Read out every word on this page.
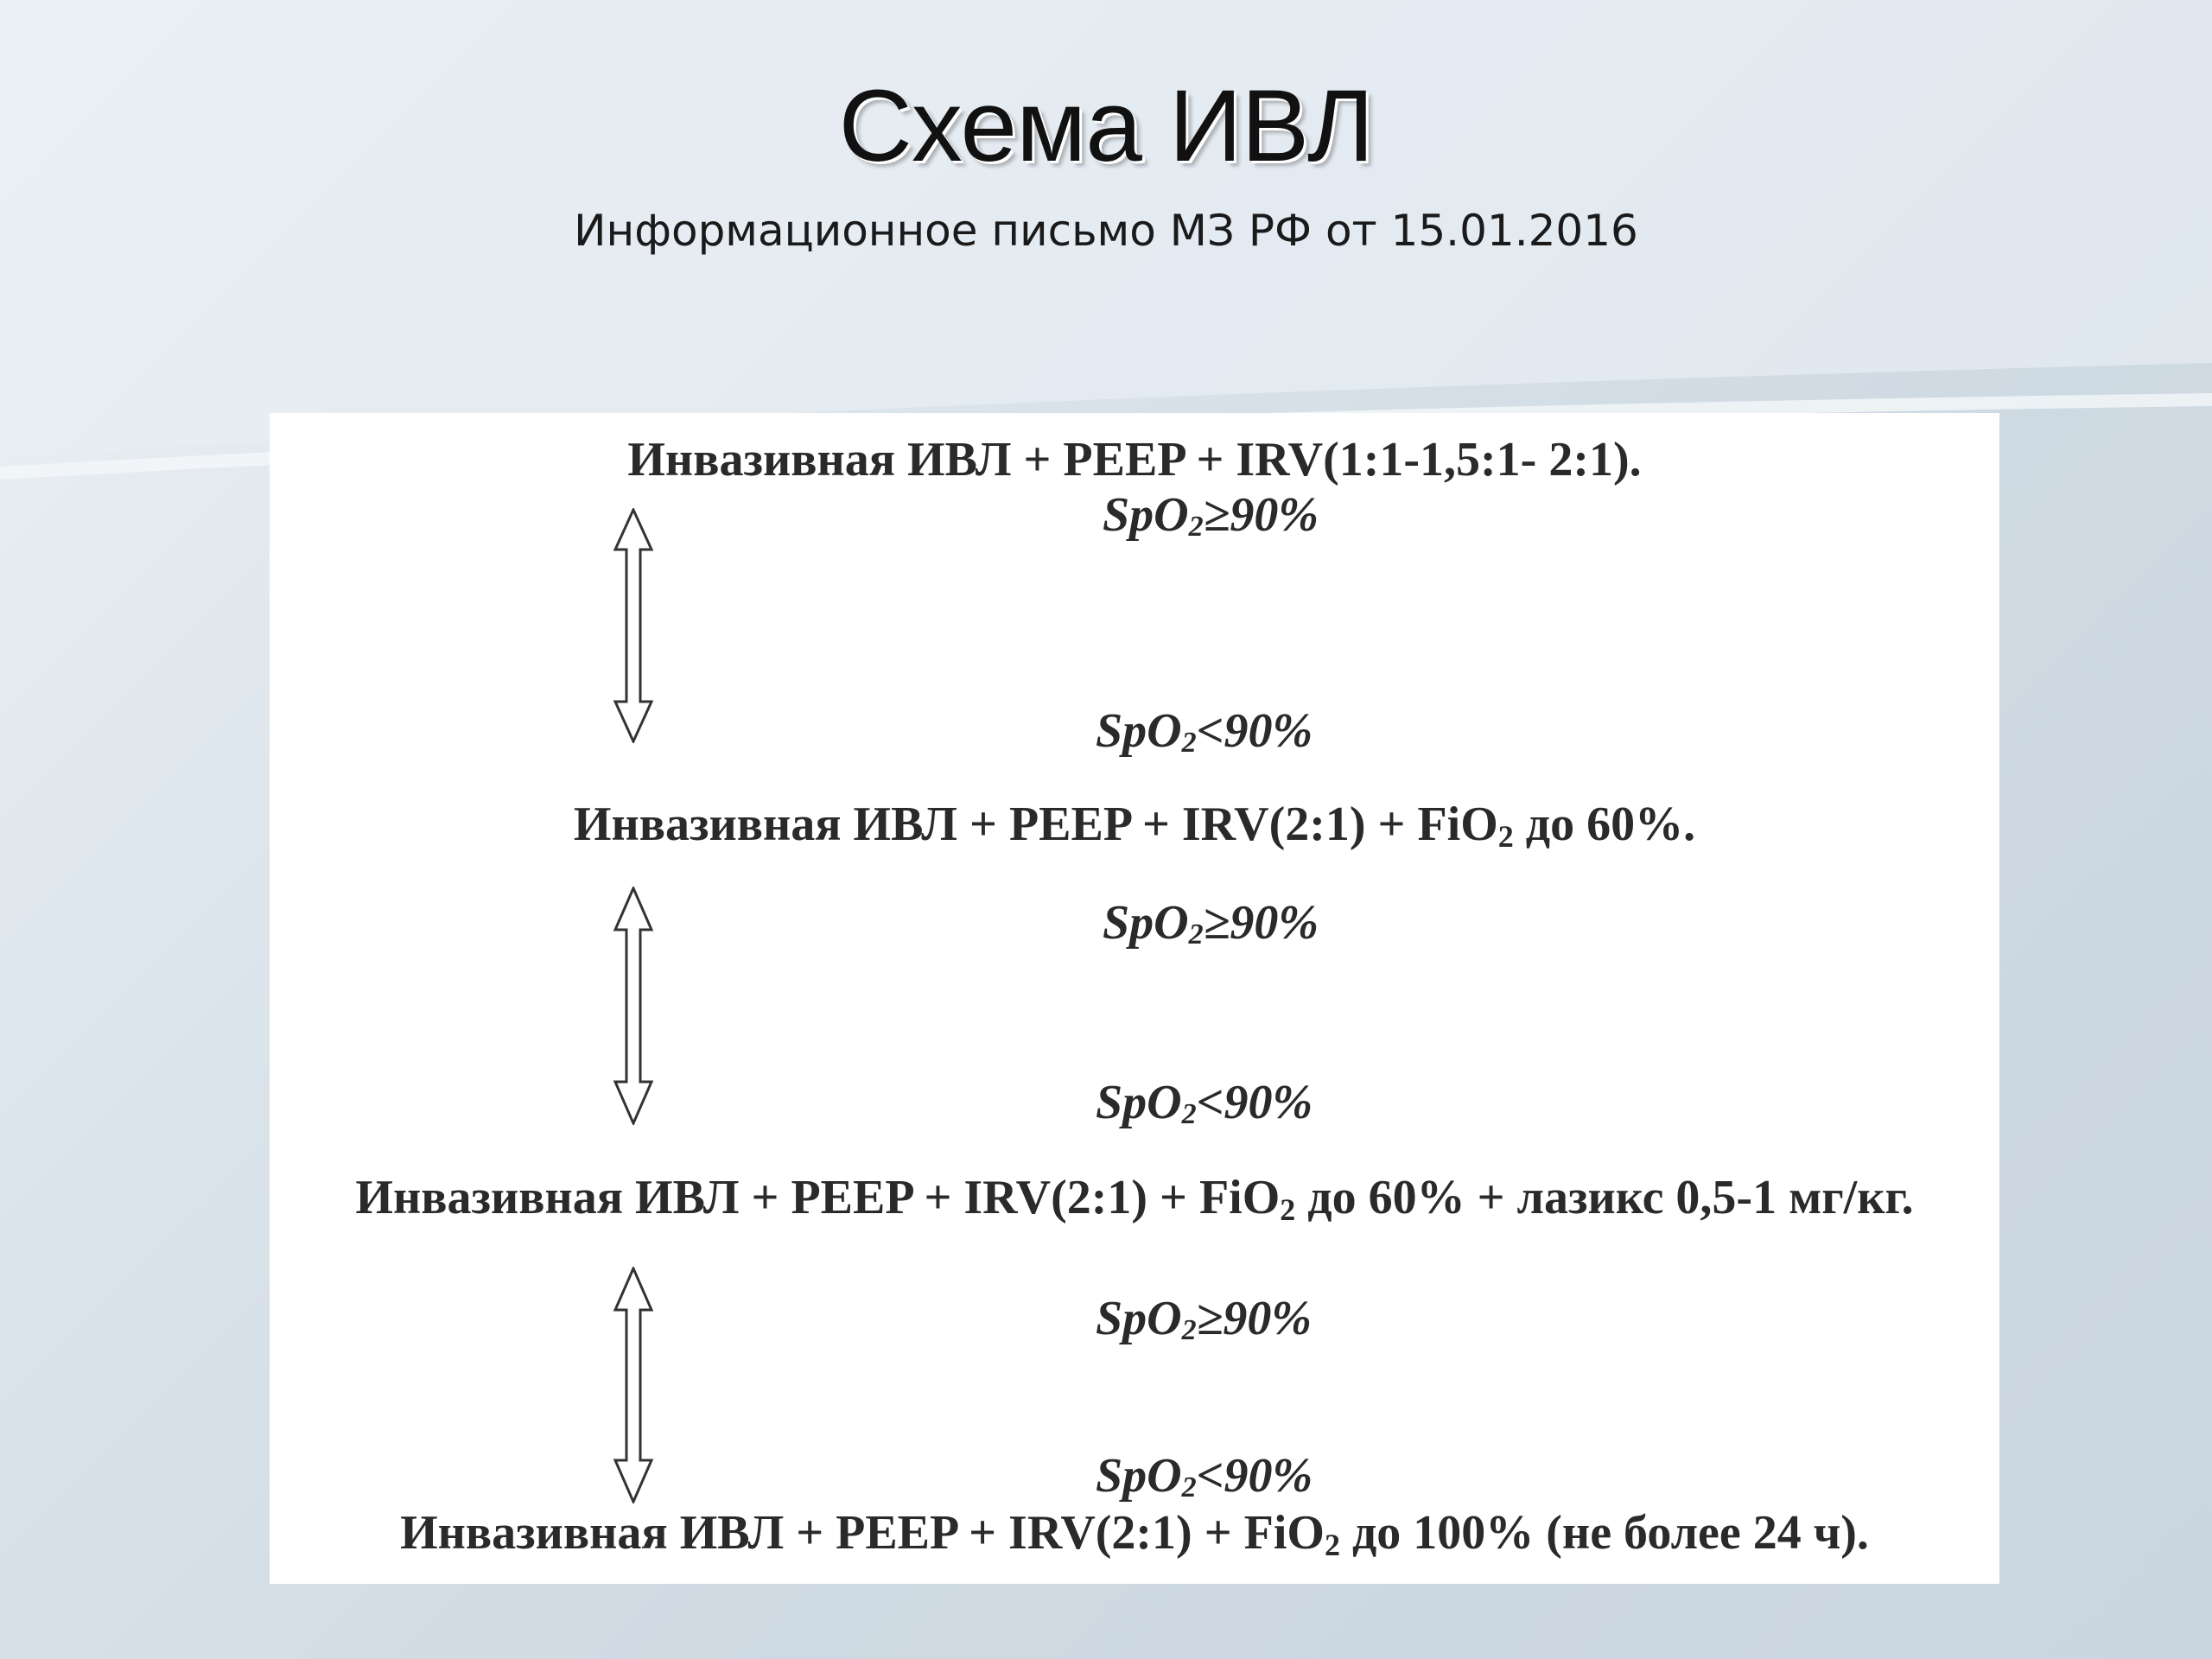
Схема ИВЛ
Информационное письмо МЗ РФ от 15.01.2016
Инвазивная ИВЛ + PEEP + IRV(1:1-1,5:1- 2:1).
SpO$_2$≥90%
SpO$_2$<90%
Инвазивная ИВЛ + PEEP + IRV(2:1) + FiO$_2$ до 60%.
SpO$_2$≥90%
SpO$_2$<90%
Инвазивная ИВЛ + PEEP + IRV(2:1) + FiO$_2$ до 60% + лазикс 0,5-1 мг/кг.
SpO$_2$≥90%
SpO$_2$<90%
Инвазивная ИВЛ + PEEP + IRV(2:1) + FiO$_2$ до 100% (не более 24 ч).
